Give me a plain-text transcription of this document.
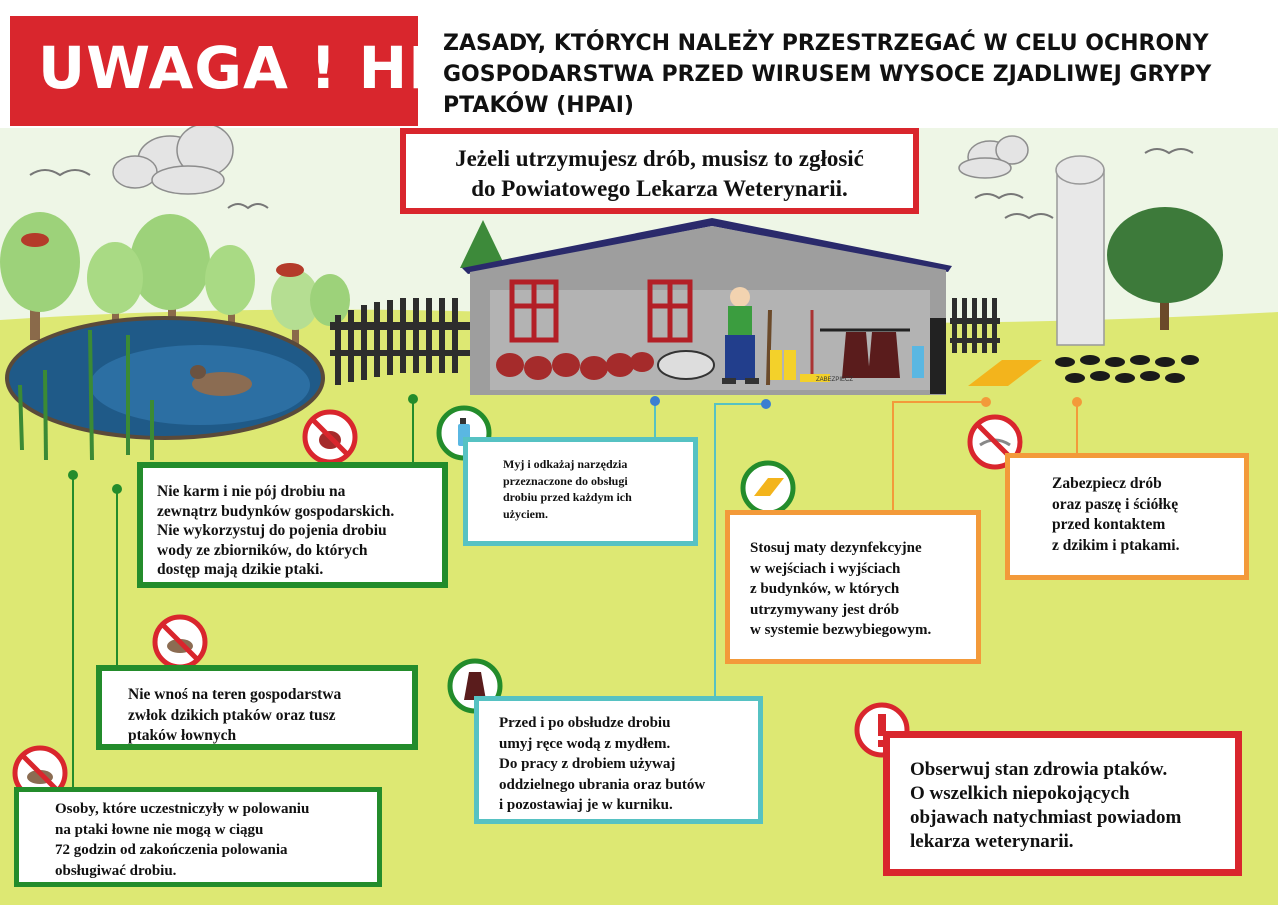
ZABEZPIECZ
UWAGA ! HPAI
ZASADY, KTÓRYCH NALEŻY PRZESTRZEGAĆ W CELU OCHRONY
GOSPODARSTWA PRZED WIRUSEM WYSOCE ZJADLIWEJ GRYPY
PTAKÓW (HPAI)
Jeżeli utrzymujesz drób, musisz to zgłosić
do Powiatowego Lekarza Weterynarii.
Nie karm i nie pój drobiu na
zewnątrz budynków gospodarskich.
Nie wykorzystuj do pojenia drobiu
wody ze zbiorników, do których
dostęp mają dzikie ptaki.
Myj i odkażaj narzędzia
przeznaczone do obsługi
drobiu przed każdym ich
użyciem.
Zabezpiecz drób
oraz paszę i ściółkę
przed kontaktem
z dzikim i ptakami.
Stosuj maty dezynfekcyjne
w wejściach i wyjściach
z budynków, w których
utrzymywany jest drób
w systemie bezwybiegowym.
Nie wnoś na teren gospodarstwa
zwłok dzikich ptaków oraz tusz
ptaków łownych
Przed i po obsłudze drobiu
umyj ręce wodą z mydłem.
Do pracy z drobiem używaj
oddzielnego ubrania oraz butów
i pozostawiaj je w kurniku.
Osoby, które uczestniczyły w polowaniu
na ptaki łowne nie mogą w ciągu
72 godzin od zakończenia polowania
obsługiwać drobiu.
Obserwuj stan zdrowia ptaków.
O wszelkich niepokojących
objawach natychmiast powiadom
lekarza weterynarii.
